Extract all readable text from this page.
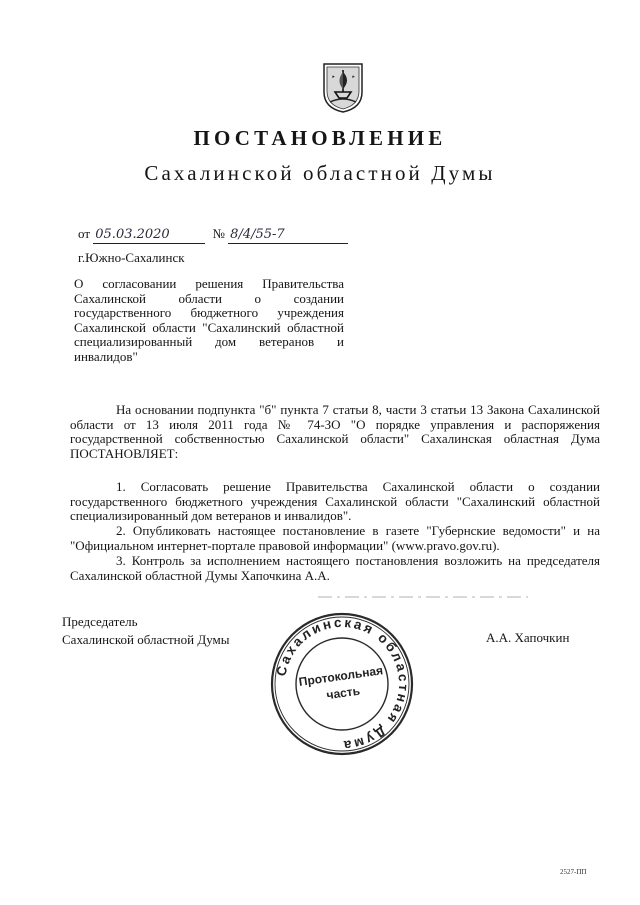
ПОСТАНОВЛЕНИЕ
Сахалинской областной Думы
от 05.03.2020	№ 8/4/55-7
г.Южно-Сахалинск
О согласовании решения Правительства Сахалинской области о создании государственного бюджетного учреждения Сахалинской области "Сахалинский областной специализированный дом ветеранов и инвалидов"
На основании подпункта "б" пункта 7 статьи 8, части 3 статьи 13 Закона Сахалинской области от 13 июля 2011 года № 74-ЗО "О порядке управления и распоряжения государственной собственностью Сахалинской области" Сахалинская областная Дума ПОСТАНОВЛЯЕТ:
1. Согласовать решение Правительства Сахалинской области о создании государственного бюджетного учреждения Сахалинской области "Сахалинский областной специализированный дом ветеранов и инвалидов".
2. Опубликовать настоящее постановление в газете "Губернские ведомости" и на "Официальном интернет-портале правовой информации" (www.pravo.gov.ru).
3. Контроль за исполнением настоящего постановления возложить на председателя Сахалинской областной Думы Хапочкина А.А.
Председатель
Сахалинской областной Думы	А.А. Хапочкин
Сахалинская областная Дума
Протокольная
часть
2527-ПП
